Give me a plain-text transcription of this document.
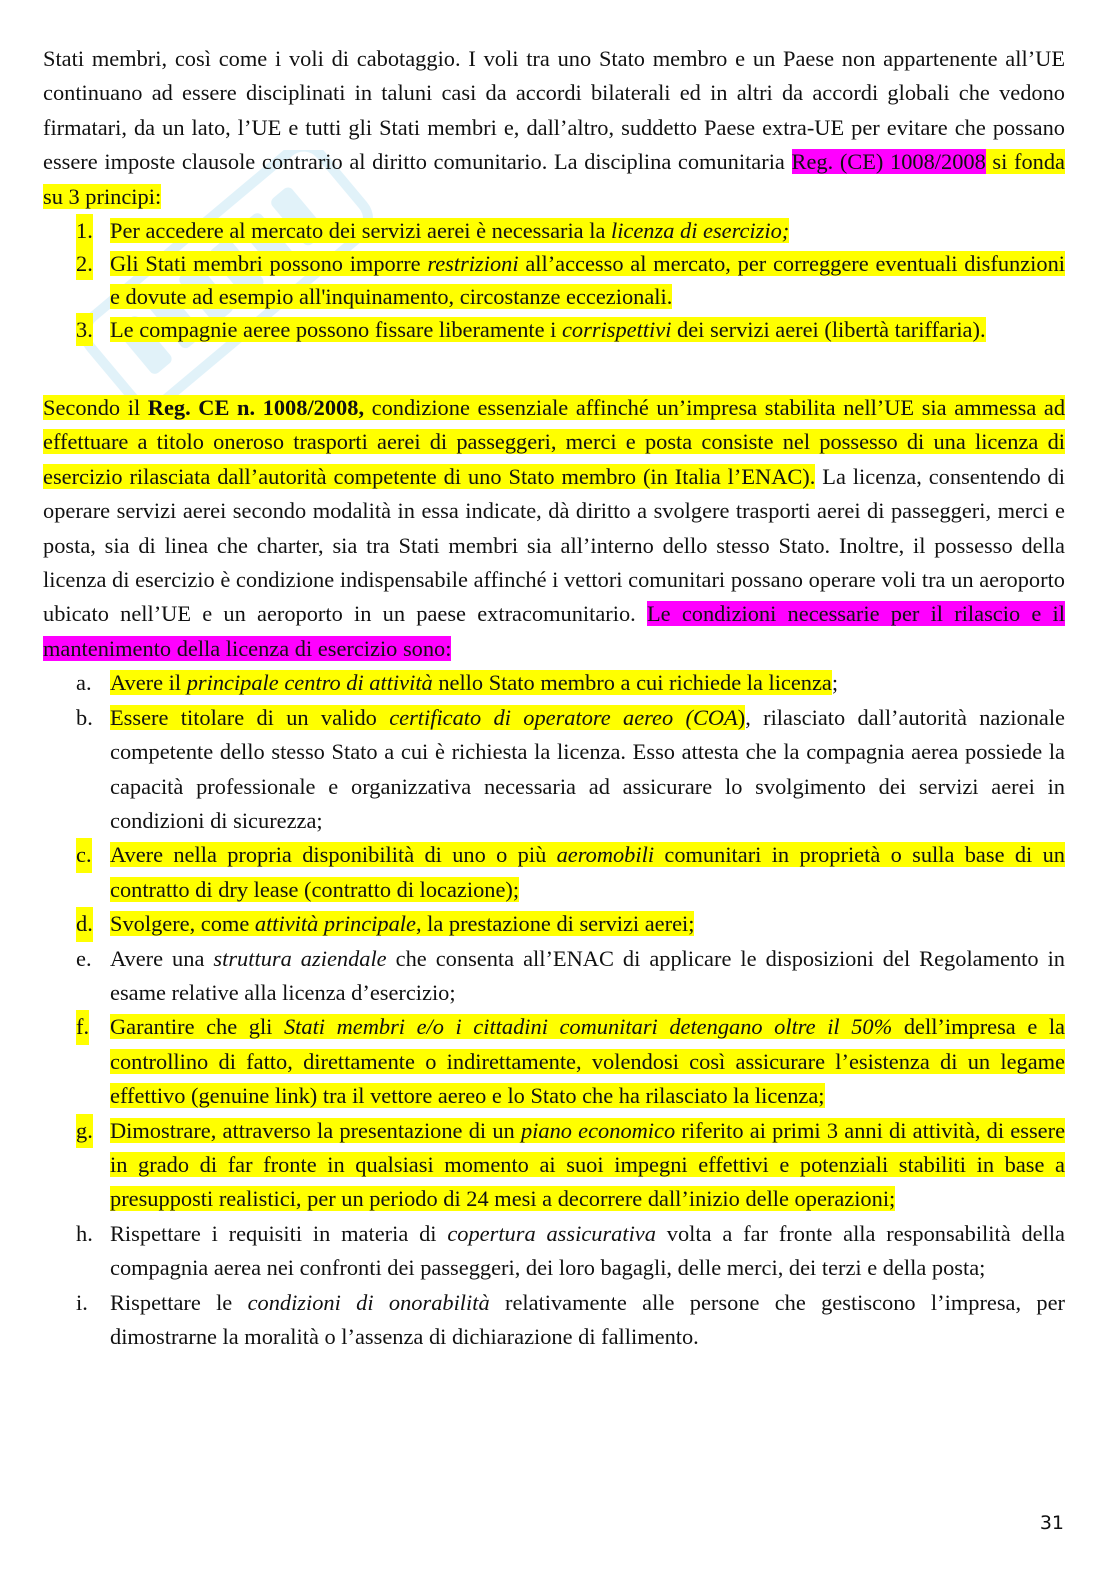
Stati membri, così come i voli di cabotaggio. I voli tra uno Stato membro e un Paese non appartenente all’UE continuano ad essere disciplinati in taluni casi da accordi bilaterali ed in altri da accordi globali che vedono firmatari, da un lato, l’UE e tutti gli Stati membri e, dall’altro, suddetto Paese extra-UE per evitare che possano essere imposte clausole contrario al diritto comunitario. La disciplina comunitaria Reg. (CE) 1008/2008 si fonda su 3 principi:

1. Per accedere al mercato dei servizi aerei è necessaria la licenza di esercizio;
2. Gli Stati membri possono imporre restrizioni all’accesso al mercato, per correggere eventuali disfunzioni e dovute ad esempio all'inquinamento, circostanze eccezionali.
3. Le compagnie aeree possono fissare liberamente i corrispettivi dei servizi aerei (libertà tariffaria).

Secondo il Reg. CE n. 1008/2008, condizione essenziale affinché un’impresa stabilita nell’UE sia ammessa ad effettuare a titolo oneroso trasporti aerei di passeggeri, merci e posta consiste nel possesso di una licenza di esercizio rilasciata dall’autorità competente di uno Stato membro (in Italia l’ENAC). La licenza, consentendo di operare servizi aerei secondo modalità in essa indicate, dà diritto a svolgere trasporti aerei di passeggeri, merci e posta, sia di linea che charter, sia tra Stati membri sia all’interno dello stesso Stato. Inoltre, il possesso della licenza di esercizio è condizione indispensabile affinché i vettori comunitari possano operare voli tra un aeroporto ubicato nell’UE e un aeroporto in un paese extracomunitario. Le condizioni necessarie per il rilascio e il mantenimento della licenza di esercizio sono:

a. Avere il principale centro di attività nello Stato membro a cui richiede la licenza;
b. Essere titolare di un valido certificato di operatore aereo (COA), rilasciato dall’autorità nazionale competente dello stesso Stato a cui è richiesta la licenza. Esso attesta che la compagnia aerea possiede la capacità professionale e organizzativa necessaria ad assicurare lo svolgimento dei servizi aerei in condizioni di sicurezza;
c. Avere nella propria disponibilità di uno o più aeromobili comunitari in proprietà o sulla base di un contratto di dry lease (contratto di locazione);
d. Svolgere, come attività principale, la prestazione di servizi aerei;
e. Avere una struttura aziendale che consenta all’ENAC di applicare le disposizioni del Regolamento in esame relative alla licenza d’esercizio;
f. Garantire che gli Stati membri e/o i cittadini comunitari detengano oltre il 50% dell’impresa e la controllino di fatto, direttamente o indirettamente, volendosi così assicurare l’esistenza di un legame effettivo (genuine link) tra il vettore aereo e lo Stato che ha rilasciato la licenza;
g. Dimostrare, attraverso la presentazione di un piano economico riferito ai primi 3 anni di attività, di essere in grado di far fronte in qualsiasi momento ai suoi impegni effettivi e potenziali stabiliti in base a presupposti realistici, per un periodo di 24 mesi a decorrere dall’inizio delle operazioni;
h. Rispettare i requisiti in materia di copertura assicurativa volta a far fronte alla responsabilità della compagnia aerea nei confronti dei passeggeri, dei loro bagagli, delle merci, dei terzi e della posta;
i. Rispettare le condizioni di onorabilità relativamente alle persone che gestiscono l’impresa, per dimostrarne la moralità o l’assenza di dichiarazione di fallimento.
31
